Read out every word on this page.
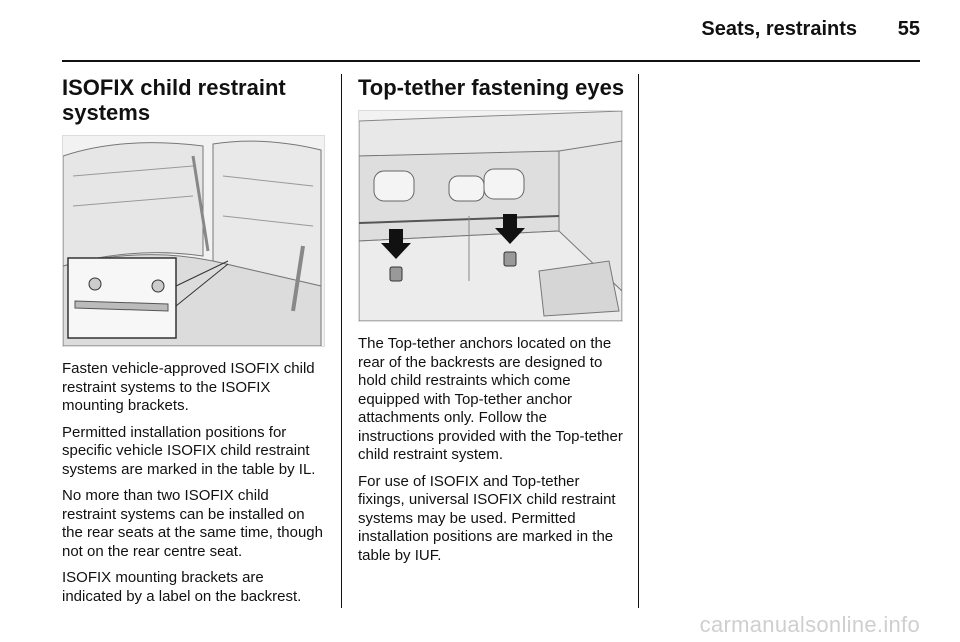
Seats, restraints 55
ISOFIX child restraint systems

Fasten vehicle-approved ISOFIX child restraint systems to the ISOFIX mounting brackets.

Permitted installation positions for specific vehicle ISOFIX child restraint systems are marked in the table by IL.

No more than two ISOFIX child restraint systems can be installed on the rear seats at the same time, though not on the rear centre seat.

ISOFIX mounting brackets are indicated by a label on the backrest.

Top-tether fastening eyes

The Top-tether anchors located on the rear of the backrests are designed to hold child restraints which come equipped with Top-tether anchor attachments only. Follow the instructions provided with the Top-tether child restraint system.

For use of ISOFIX and Top-tether fixings, universal ISOFIX child restraint systems may be used. Permitted installation positions are marked in the table by IUF.

carmanualsonline.info
